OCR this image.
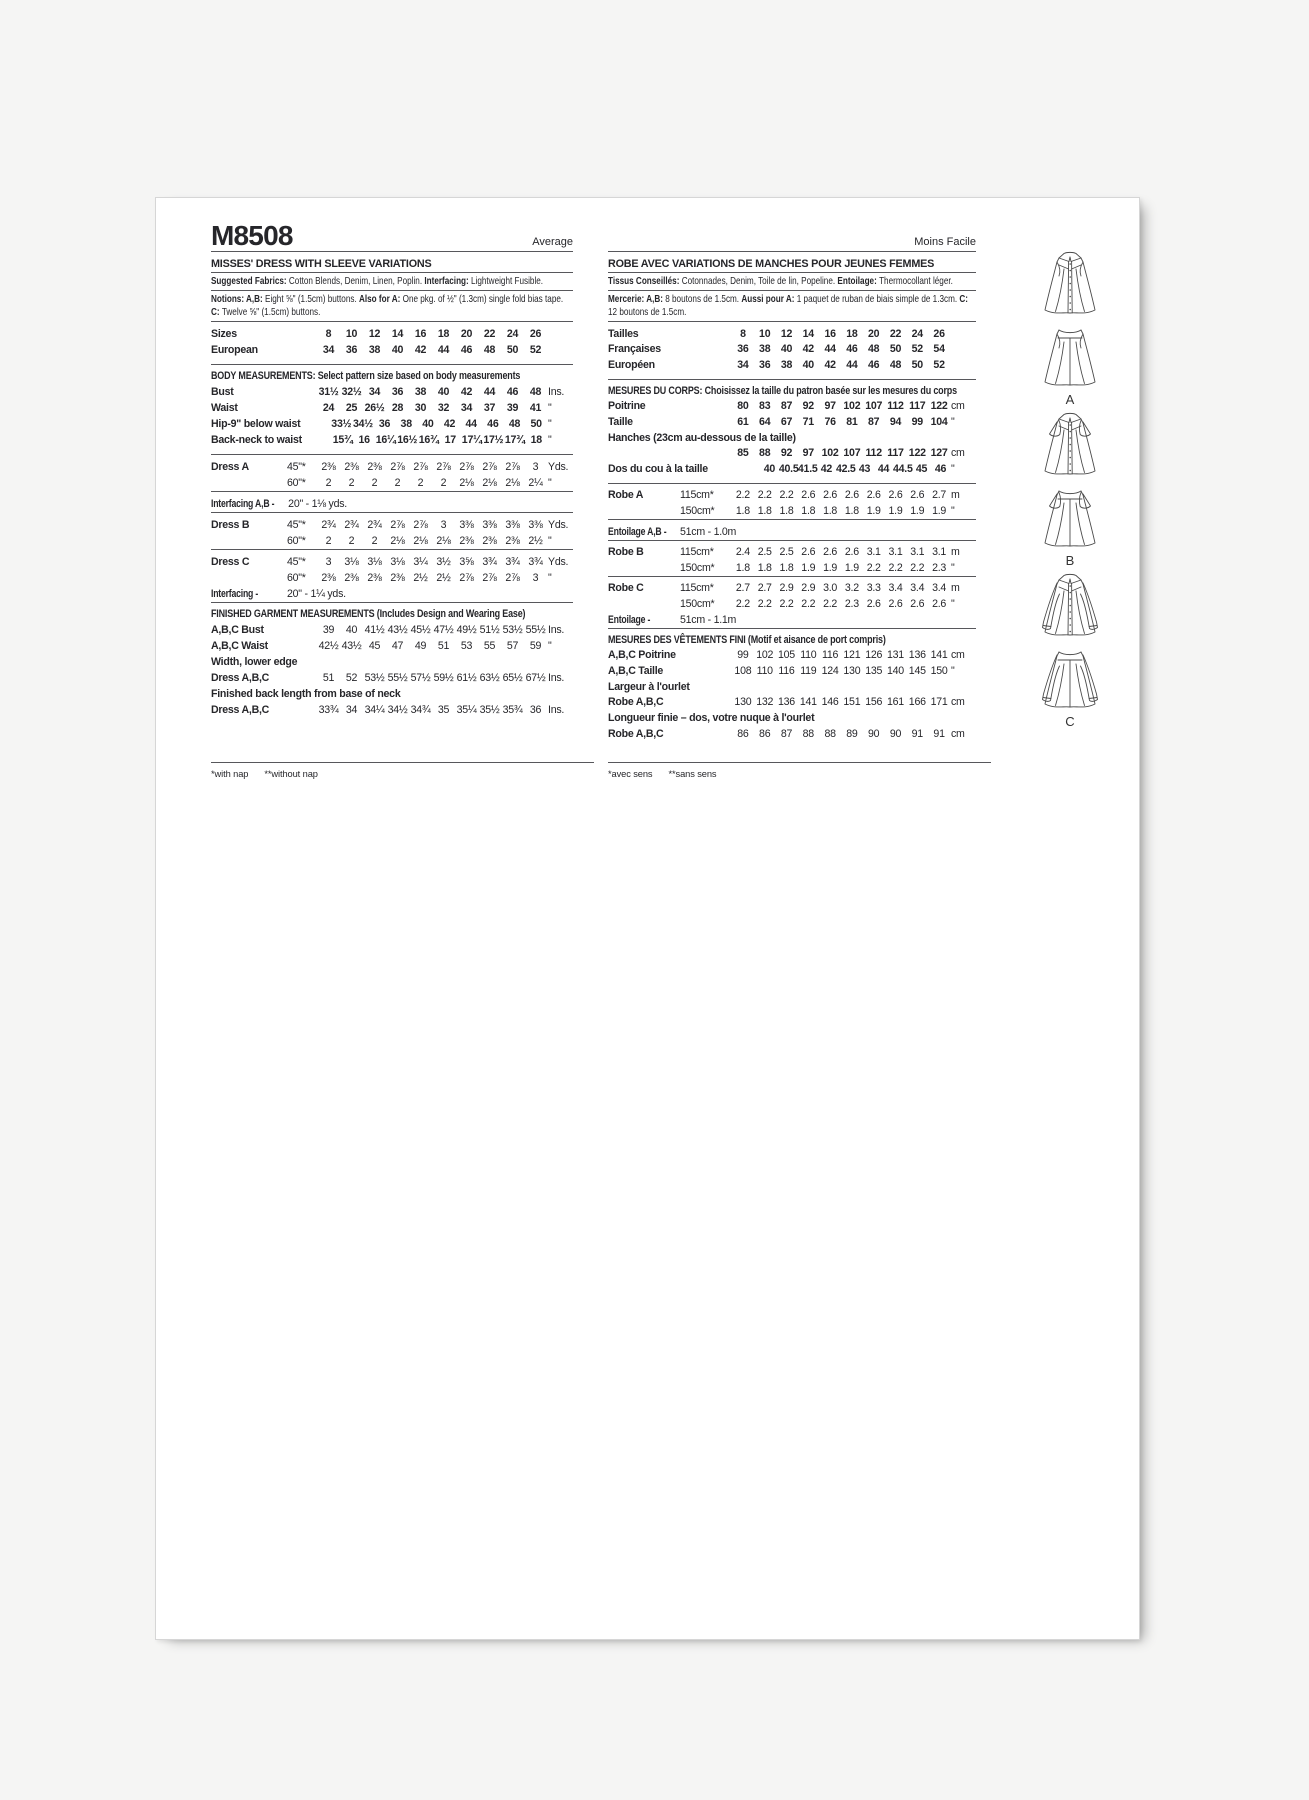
M8508	Average
MISSES' DRESS WITH SLEEVE VARIATIONS
Suggested Fabrics: Cotton Blends, Denim, Linen, Poplin. Interfacing: Lightweight Fusible.
Notions: A,B: Eight ⅝" (1.5cm) buttons. Also for A: One pkg. of ½" (1.3cm) single fold bias tape. C: Twelve ⅝" (1.5cm) buttons.
Sizes	8	10	12	14	16	18	20	22	24	26
European	34	36	38	40	42	44	46	48	50	52
BODY MEASUREMENTS: Select pattern size based on body measurements
Bust	31½ 32½ 34	36	38	40	42	44	46	48 Ins.
Waist	24	25 26½ 28	30	32	34	37	39	41 "
Hip-9" below waist	33½ 34½ 36 38 40 42 44 46 48 50 "
Back-neck to waist	15¾ 16 16¼ 16½ 16¾ 17 17¼ 17½ 17¾ 18 "
Dress A	45"*	2⅜ 2⅜ 2⅜ 2⅞ 2⅞ 2⅞ 2⅞ 2⅞ 2⅞	3 Yds.
60"*	2	2	2	2	2	2	2⅛ 2⅛ 2⅛ 2¼ "
Interfacing A,B -	20" - 1⅛ yds.
Dress B	45"*	2¾ 2¾ 2¾ 2⅞ 2⅞	3	3⅜ 3⅜ 3⅜ 3⅜ Yds.
60"*	2	2	2	2⅛ 2⅛ 2⅛ 2⅜ 2⅜ 2⅜ 2½ "
Dress C	45"*	3	3⅛ 3⅛ 3⅛ 3¼ 3½ 3⅝ 3¾ 3¾ 3¾ Yds.
60"*	2⅜ 2⅜ 2⅜ 2⅜ 2½ 2½ 2⅞ 2⅞ 2⅞	3 "
Interfacing -	20" - 1¼ yds.
FINISHED GARMENT MEASUREMENTS (Includes Design and Wearing Ease)
A,B,C Bust	39	40 41½ 43½ 45½ 47½ 49½ 51½ 53½ 55½ Ins.
A,B,C Waist	42½ 43½ 45	47	49	51	53	55	57	59 "
Width, lower edge
Dress A,B,C	51	52 53½ 55½ 57½ 59½ 61½ 63½ 65½ 67½ Ins.
Finished back length from base of neck
Dress A,B,C	33¾ 34 34¼ 34½ 34¾ 35 35¼ 35½ 35¾ 36 Ins.
*with nap **without nap
Moins Facile
ROBE AVEC VARIATIONS DE MANCHES POUR JEUNES FEMMES
Tissus Conseillés: Cotonnades, Denim, Toile de lin, Popeline. Entoilage: Thermocollant léger.
Mercerie: A,B: 8 boutons de 1.5cm. Aussi pour A: 1 paquet de ruban de biais simple de 1.3cm. C: 12 boutons de 1.5cm.
Tailles	8	10 12 14 16 18 20 22 24 26
Françaises	36 38 40 42 44 46 48 50 52 54
Européen	34 36 38 40 42 44 46 48 50 52
MESURES DU CORPS: Choisissez la taille du patron basée sur les mesures du corps
Poitrine	80 83 87 92 97 102 107 112 117 122 cm
Taille	61 64 67 71 76 81 87 94 99 104 "
Hanches (23cm au-dessous de la taille)
85 88 92 97 102 107 112 117 122 127 cm
Dos du cou à la taille	40 40.5 41.5 42 42.5 43 44 44.5 45 46 "
Robe A	115cm*	2.2 2.2 2.2 2.6 2.6 2.6 2.6 2.6 2.6 2.7 m
150cm*	1.8 1.8 1.8 1.8 1.8 1.8 1.9 1.9 1.9 1.9 "
Entoilage A,B -	51cm - 1.0m
Robe B	115cm*	2.4 2.5 2.5 2.6 2.6 2.6 3.1 3.1 3.1 3.1 m
150cm*	1.8 1.8 1.8 1.9 1.9 1.9 2.2 2.2 2.2 2.3 "
Robe C	115cm*	2.7 2.7 2.9 2.9 3.0 3.2 3.3 3.4 3.4 3.4 m
150cm*	2.2 2.2 2.2 2.2 2.2 2.3 2.6 2.6 2.6 2.6 "
Entoilage -	51cm - 1.1m
MESURES DES VÊTEMENTS FINI (Motif et aisance de port compris)
A,B,C Poitrine	99 102 105 110 116 121 126 131 136 141 cm
A,B,C Taille	108 110 116 119 124 130 135 140 145 150 "
Largeur à l'ourlet
Robe A,B,C	130 132 136 141 146 151 156 161 166 171 cm
Longueur finie – dos, votre nuque à l'ourlet
Robe A,B,C	86 86 87 88 88 89 90 90 91 91 cm
*avec sens **sans sens
A
B
C
